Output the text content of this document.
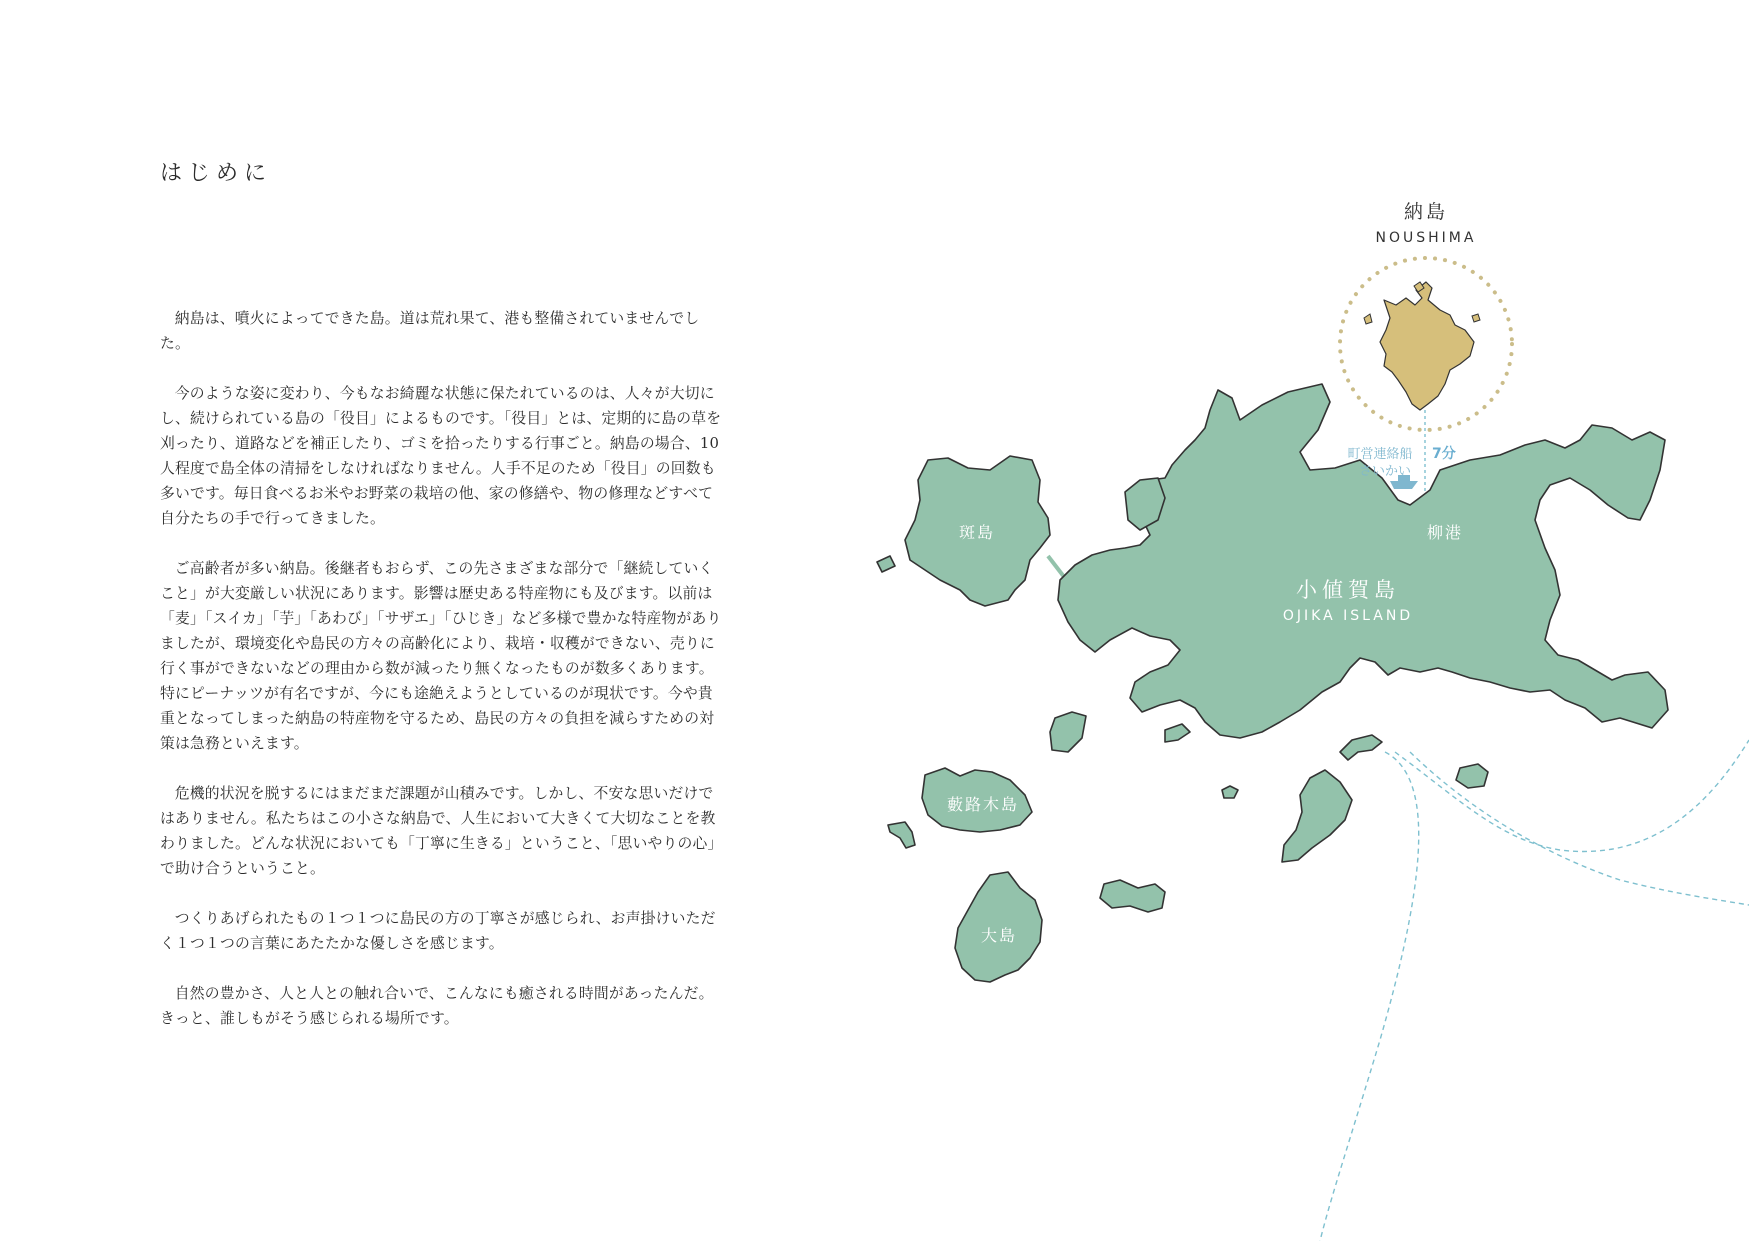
はじめに

納島は、噴火によってできた島。道は荒れ果て、港も整備されていませんでした。

今のような姿に変わり、今もなお綺麗な状態に保たれているのは、人々が大切にし、続けられている島の「役目」によるものです。「役目」とは、定期的に島の草を刈ったり、道路などを補正したり、ゴミを拾ったりする行事ごと。納島の場合、10人程度で島全体の清掃をしなければなりません。人手不足のため「役目」の回数も多いです。毎日食べるお米やお野菜の栽培の他、家の修繕や、物の修理などすべて自分たちの手で行ってきました。

ご高齢者が多い納島。後継者もおらず、この先さまざまな部分で「継続していくこと」が大変厳しい状況にあります。影響は歴史ある特産物にも及びます。以前は「麦」「スイカ」「芋」「あわび」「サザエ」「ひじき」など多様で豊かな特産物がありましたが、環境変化や島民の方々の高齢化により、栽培・収穫ができない、売りに行く事ができないなどの理由から数が減ったり無くなったものが数多くあります。特にピーナッツが有名ですが、今にも途絶えようとしているのが現状です。今や貴重となってしまった納島の特産物を守るため、島民の方々の負担を減らすための対策は急務といえます。

危機的状況を脱するにはまだまだ課題が山積みです。しかし、不安な思いだけではありません。私たちはこの小さな納島で、人生において大きくて大切なことを教わりました。どんな状況においても「丁寧に生きる」ということ、「思いやりの心」で助け合うということ。

つくりあげられたもの１つ１つに島民の方の丁寧さが感じられ、お声掛けいただく１つ１つの言葉にあたたかな優しさを感じます。

自然の豊かさ、人と人との触れ合いで、こんなにも癒される時間があったんだ。きっと、誰しもがそう感じられる場所です。

納島
NOUSHIMA
町営連絡船
さいかい
7分
柳港
小値賀島
OJIKA ISLAND
斑島
藪路木島
大島
